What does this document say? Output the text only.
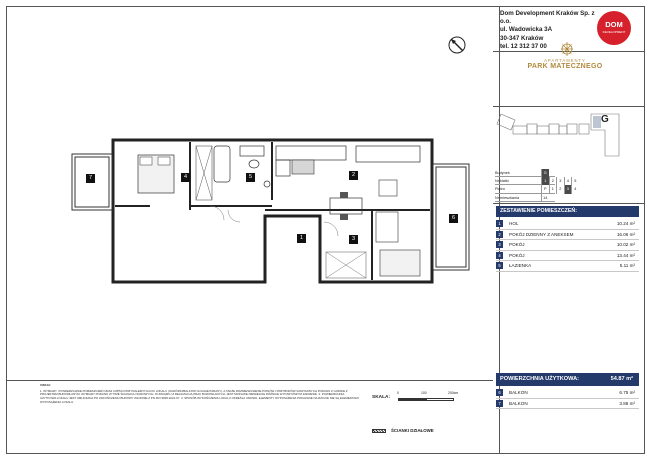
Dom Development Kraków Sp. z o.o.
ul. Wadowicka 3A
30-347 Kraków
tel. 12 312 37 00
DOM
DEVELOPMENT
APARTAMENTY
PARK MATECZNEGO
G
Budynek	G
Nr klatki	1	2	3	4	5
Piętro	P	1	2	3	4
Nr mieszkania	14
ZESTAWIENIE POMIESZCZEŃ:
1	HOL	10.24 m²
2	POKÓJ DZIENNY Z ANEKSEM	16.06 m²
3	POKÓJ	10.02 m²
4	POKÓJ	13.44 m²
5	ŁAZIENKA	5.11 m²
POWIERZCHNIA UŻYTKOWA:	54.87 m²
6	BALKON	6.75 m²
7	BALKON	3.86 m²
7	4	5	2
1	3
6
UWAGI:
1. WYMIARY I POWIERZCHNIE POMIESZCZEŃ ORAZ CZĘŚCI PRZYNALEŻNYCH DO LOKALU (OGRÓDKI/BALKONY/LOGGIE/TARASY), A TAKŻE ROZMIESZCZENIE PIONÓW I PRZYBORÓW SANITARNYCH PODANO Z GODNIE Z PROJEKTEM BUDOWLANYM. WYMIARY PODANO W TWIE ŚCIANACH SUROWYCH. W ZWIĄZKU Z REALIZACJĄ PRAC BUDOWLANYCH, JEST MOŻLIWE NIEWIELKIE RÓŻNICE W POWYŻSZYM ZAKRESIE. 2. POWIERZCHNIA UŻYTKOWA LOKALU JEST OBLICZANA PO ZAKOŃCZENIU BUDOWY ZGODNIE Z PN-ISO 9836:2022-07. 3. SPOSÓB WYKOŃCZENIA LOKALU OKREŚLA UMOWA. ELEMENTY WYPOSAŻENIA POKAZANE NA RZUCIE NIE SĄ ELEMENTAMI WYPOSAŻENIA LOKALU.
SKALA:
0	100	200cm
ŚCIANKI DZIAŁOWE
